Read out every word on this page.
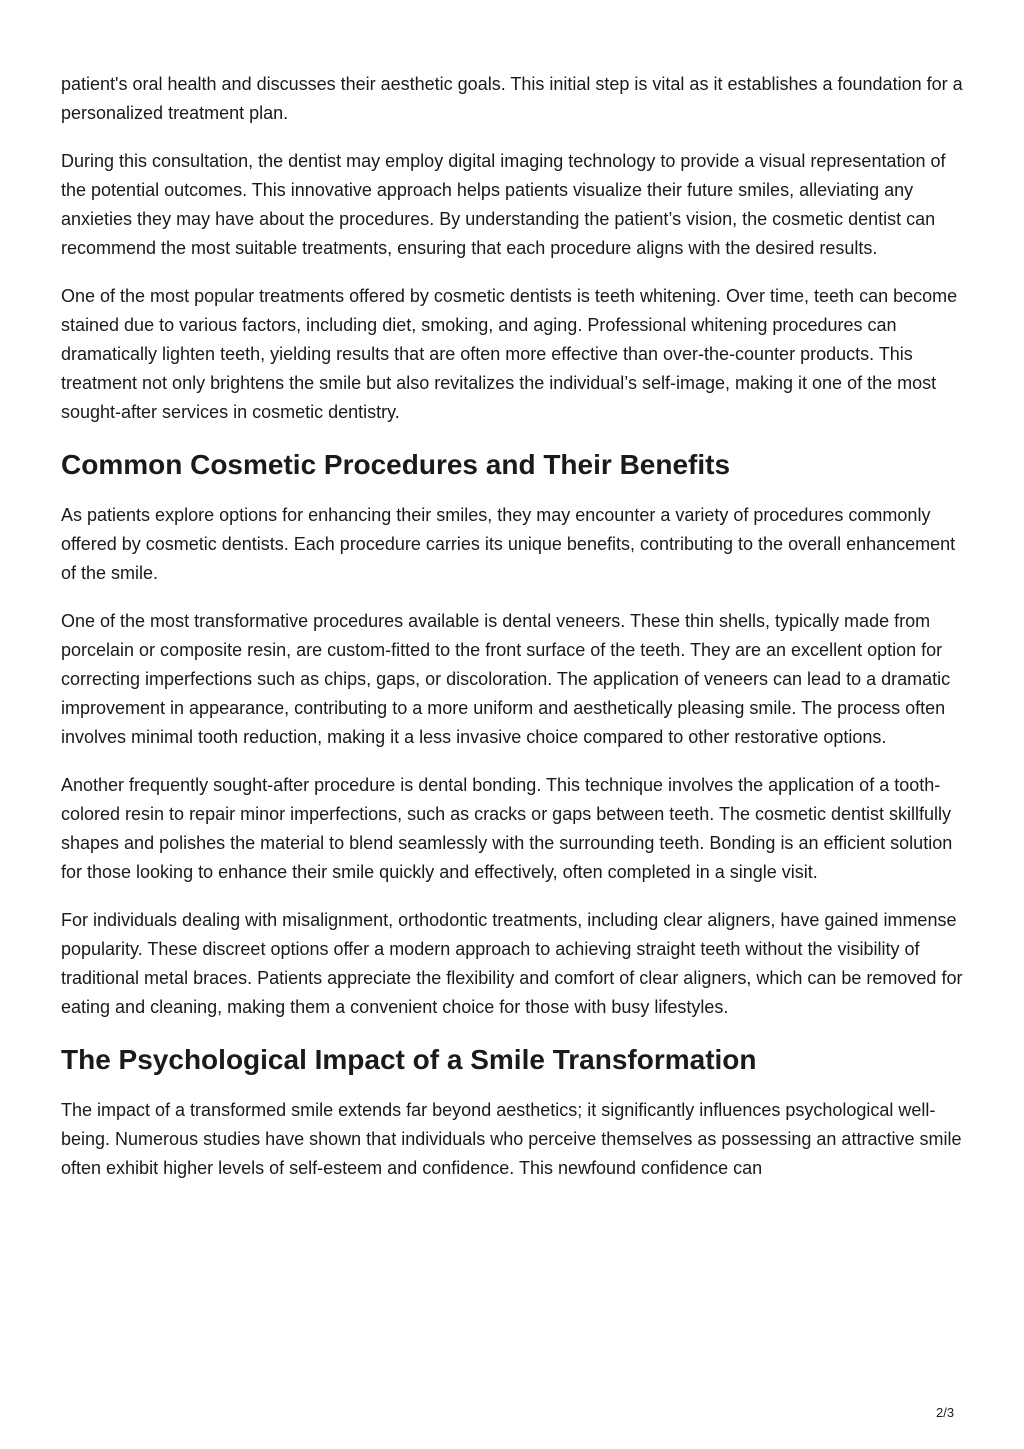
patient's oral health and discusses their aesthetic goals. This initial step is vital as it establishes a foundation for a personalized treatment plan.

During this consultation, the dentist may employ digital imaging technology to provide a visual representation of the potential outcomes. This innovative approach helps patients visualize their future smiles, alleviating any anxieties they may have about the procedures. By understanding the patient’s vision, the cosmetic dentist can recommend the most suitable treatments, ensuring that each procedure aligns with the desired results.

One of the most popular treatments offered by cosmetic dentists is teeth whitening. Over time, teeth can become stained due to various factors, including diet, smoking, and aging. Professional whitening procedures can dramatically lighten teeth, yielding results that are often more effective than over-the-counter products. This treatment not only brightens the smile but also revitalizes the individual’s self-image, making it one of the most sought-after services in cosmetic dentistry.

Common Cosmetic Procedures and Their Benefits

As patients explore options for enhancing their smiles, they may encounter a variety of procedures commonly offered by cosmetic dentists. Each procedure carries its unique benefits, contributing to the overall enhancement of the smile.

One of the most transformative procedures available is dental veneers. These thin shells, typically made from porcelain or composite resin, are custom-fitted to the front surface of the teeth. They are an excellent option for correcting imperfections such as chips, gaps, or discoloration. The application of veneers can lead to a dramatic improvement in appearance, contributing to a more uniform and aesthetically pleasing smile. The process often involves minimal tooth reduction, making it a less invasive choice compared to other restorative options.

Another frequently sought-after procedure is dental bonding. This technique involves the application of a tooth-colored resin to repair minor imperfections, such as cracks or gaps between teeth. The cosmetic dentist skillfully shapes and polishes the material to blend seamlessly with the surrounding teeth. Bonding is an efficient solution for those looking to enhance their smile quickly and effectively, often completed in a single visit.

For individuals dealing with misalignment, orthodontic treatments, including clear aligners, have gained immense popularity. These discreet options offer a modern approach to achieving straight teeth without the visibility of traditional metal braces. Patients appreciate the flexibility and comfort of clear aligners, which can be removed for eating and cleaning, making them a convenient choice for those with busy lifestyles.

The Psychological Impact of a Smile Transformation

The impact of a transformed smile extends far beyond aesthetics; it significantly influences psychological well-being. Numerous studies have shown that individuals who perceive themselves as possessing an attractive smile often exhibit higher levels of self-esteem and confidence. This newfound confidence can

2/3
